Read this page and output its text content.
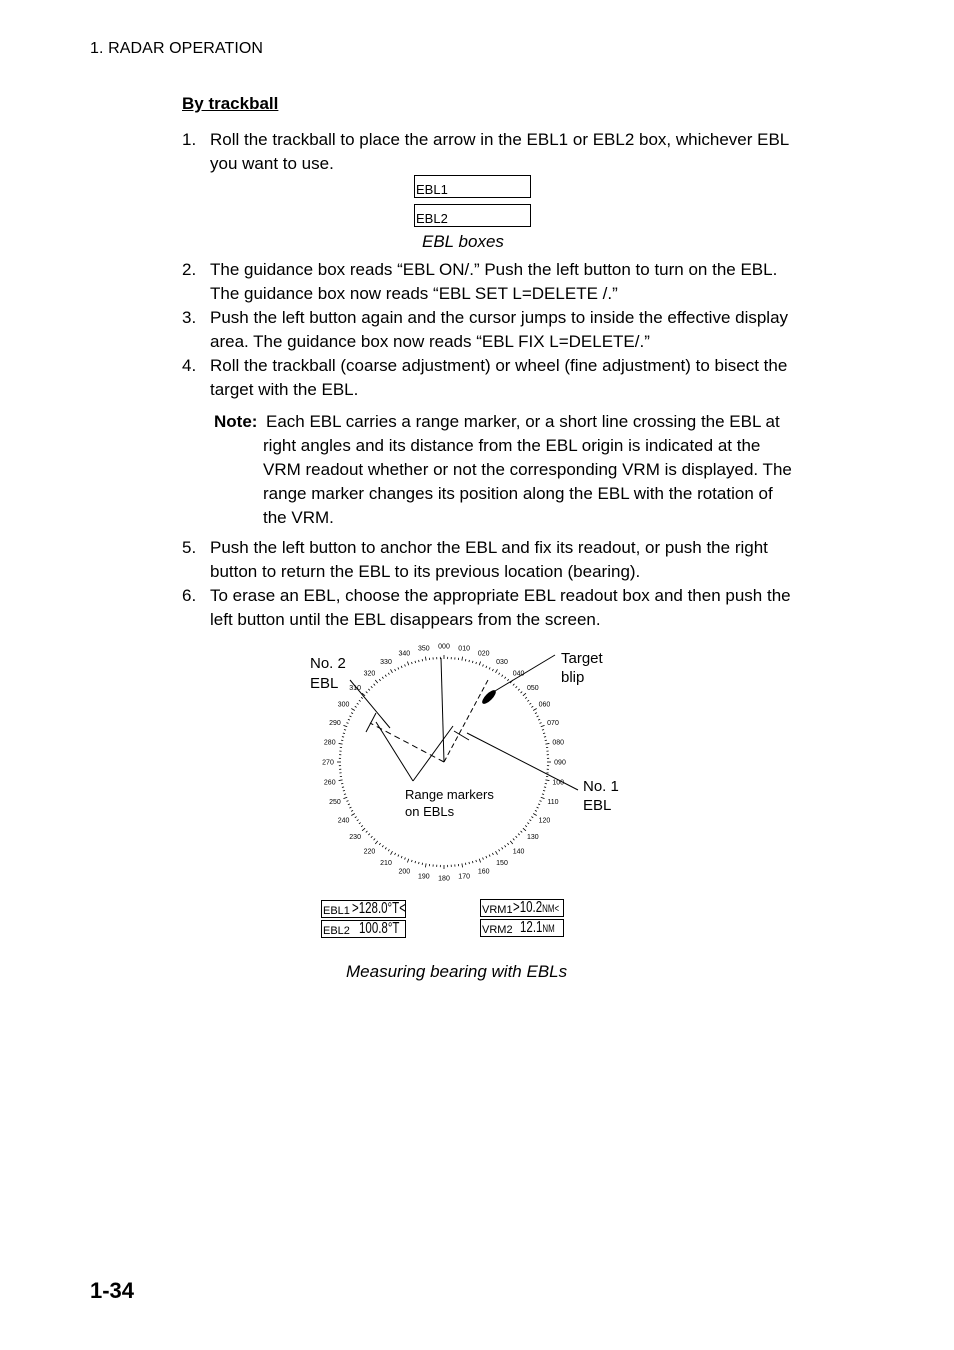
1. RADAR OPERATION
By trackball
1. Roll the trackball to place the arrow in the EBL1 or EBL2 box, whichever EBL
you want to use.
EBL1
EBL2
EBL boxes
2. The guidance box reads “EBL ON/.” Push the left button to turn on the EBL.
The guidance box now reads “EBL SET L=DELETE /.”
3. Push the left button again and the cursor jumps to inside the effective display
area. The guidance box now reads “EBL FIX L=DELETE/.”
4. Roll the trackball (coarse adjustment) or wheel (fine adjustment) to bisect the
target with the EBL.
Note: Each EBL carries a range marker, or a short line crossing the EBL at
right angles and its distance from the EBL origin is indicated at the
VRM readout whether or not the corresponding VRM is displayed. The
range marker changes its position along the EBL with the rotation of
the VRM.
5. Push the left button to anchor the EBL and fix its readout, or push the right
button to return the EBL to its previous location (bearing).
6. To erase an EBL, choose the appropriate EBL readout box and then push the
left button until the EBL disappears from the screen.
000 010
020
030
040
050
060
070
080
090
100
110
120
130
140
150
160
170
180
190
200
210
220
230
240
250
260
270
280
290
300
310
320
330
340
350
No. 2
EBL
Target
blip
No. 1
EBL
Range markers
on EBLs
EBL1 >128.0°T<
EBL2 100.8°T
VRM1 >10.2NM<
VRM2 12.1NM
Measuring bearing with EBLs
1-34
